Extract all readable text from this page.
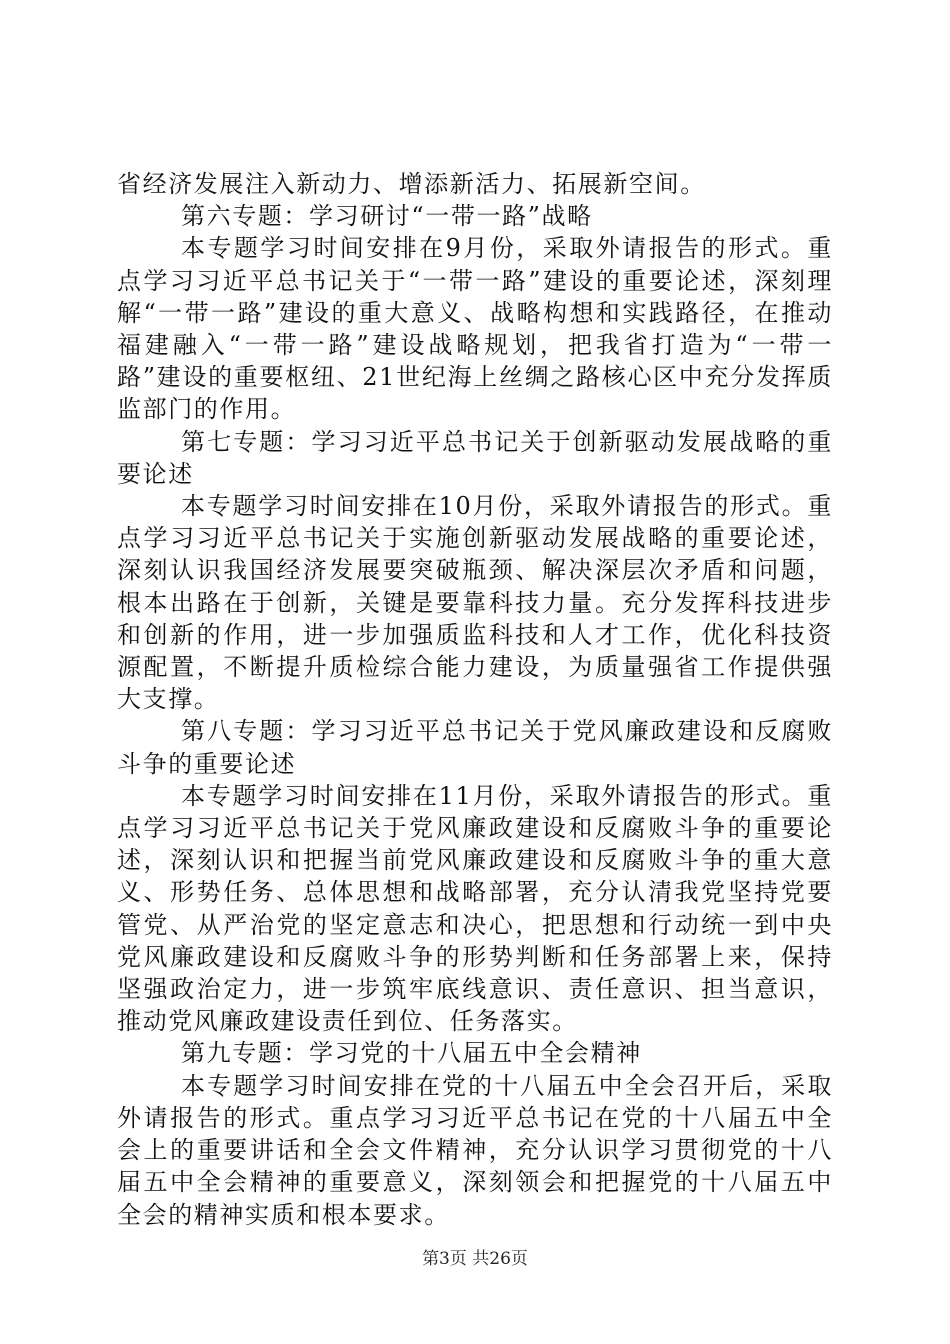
省经济发展注入新动力、增添新活力、拓展新空间。

第六专题：学习研讨“一带一路”战略

本专题学习时间安排在9月份，采取外请报告的形式。重点学习习近平总书记关于“一带一路”建设的重要论述，深刻理解“一带一路”建设的重大意义、战略构想和实践路径，在推动福建融入“一带一路”建设战略规划，把我省打造为“一带一路”建设的重要枢纽、21世纪海上丝绸之路核心区中充分发挥质监部门的作用。

第七专题：学习习近平总书记关于创新驱动发展战略的重要论述

本专题学习时间安排在10月份，采取外请报告的形式。重点学习习近平总书记关于实施创新驱动发展战略的重要论述，深刻认识我国经济发展要突破瓶颈、解决深层次矛盾和问题，根本出路在于创新，关键是要靠科技力量。充分发挥科技进步和创新的作用，进一步加强质监科技和人才工作，优化科技资源配置，不断提升质检综合能力建设，为质量强省工作提供强大支撑。

第八专题：学习习近平总书记关于党风廉政建设和反腐败斗争的重要论述

本专题学习时间安排在11月份，采取外请报告的形式。重点学习习近平总书记关于党风廉政建设和反腐败斗争的重要论述，深刻认识和把握当前党风廉政建设和反腐败斗争的重大意义、形势任务、总体思想和战略部署，充分认清我党坚持党要管党、从严治党的坚定意志和决心，把思想和行动统一到中央党风廉政建设和反腐败斗争的形势判断和任务部署上来，保持坚强政治定力，进一步筑牢底线意识、责任意识、担当意识，推动党风廉政建设责任到位、任务落实。

第九专题：学习党的十八届五中全会精神

本专题学习时间安排在党的十八届五中全会召开后，采取外请报告的形式。重点学习习近平总书记在党的十八届五中全会上的重要讲话和全会文件精神，充分认识学习贯彻党的十八届五中全会精神的重要意义，深刻领会和把握党的十八届五中全会的精神实质和根本要求。

第3页 共26页
